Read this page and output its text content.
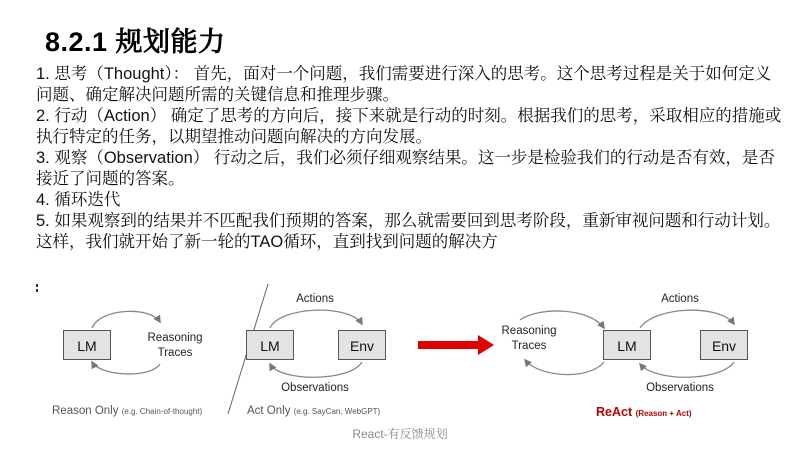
8.2.1 规划能力

1. 思考（Thought）： 首先，面对一个问题，我们需要进行深入的思考。这个思考过程是关于如何定义问题、确定解决问题所需的关键信息和推理步骤。

2. 行动（Action） 确定了思考的方向后，接下来就是行动的时刻。根据我们的思考，采取相应的措施或执行特定的任务，以期望推动问题向解决的方向发展。

3. 观察（Observation） 行动之后，我们必须仔细观察结果。这一步是检验我们的行动是否有效，是否接近了问题的答案。

4. 循环迭代

5. 如果观察到的结果并不匹配我们预期的答案，那么就需要回到思考阶段，重新审视问题和行动计划。这样，我们就开始了新一轮的TAO循环，直到找到问题的解决方

LM	Reasoning
Traces
Reason Only (e.g. Chain-of-thought)
Actions
LM	Env
Observations
Act Only (e.g. SayCan, WebGPT)
Reasoning
Traces
Actions
LM	Env
Observations
ReAct (Reason + Act)
React-有反馈规划
